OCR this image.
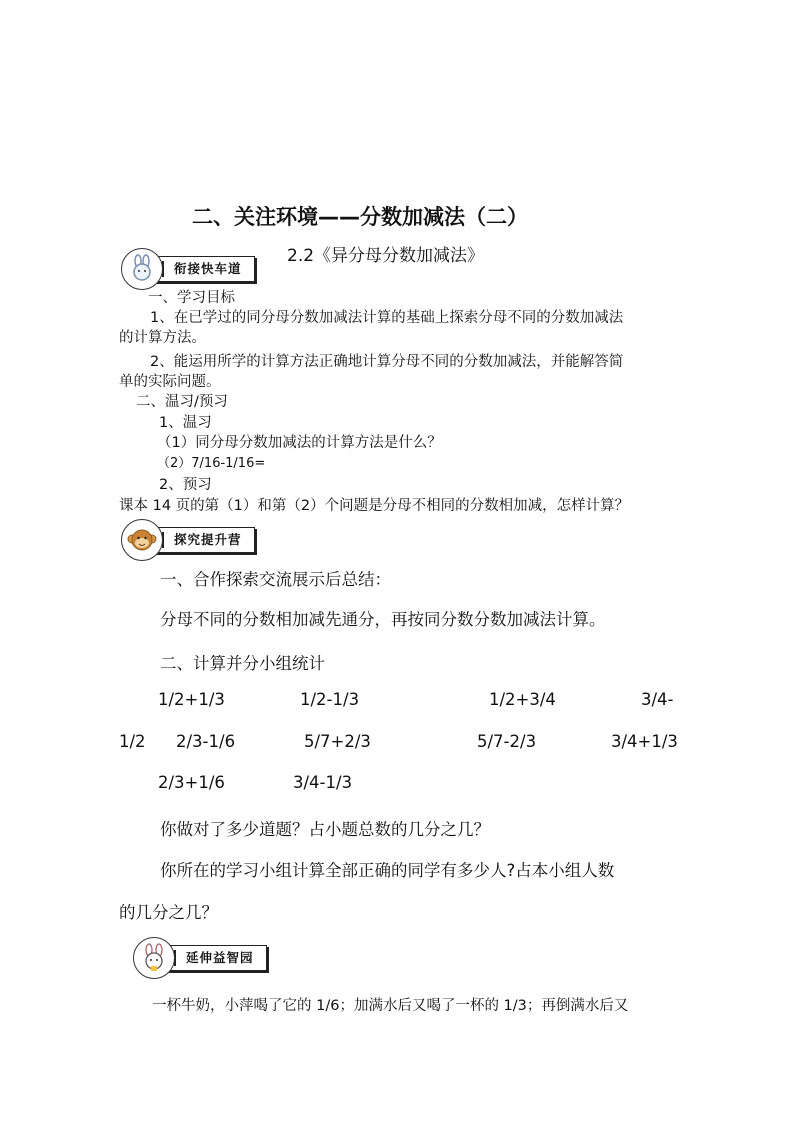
二、关注环境——分数加减法（二）
衔接快车道
2.2《异分母分数加减法》
一、学习目标
1、在已学过的同分母分数加减法计算的基础上探索分母不同的分数加减法
的计算方法。
2、能运用所学的计算方法正确地计算分母不同的分数加减法，并能解答简
单的实际问题。
二、温习/预习
1、温习
（1）同分母分数加减法的计算方法是什么？
（2）7/16-1/16=
2、预习
课本 14 页的第（1）和第（2）个问题是分母不相同的分数相加减，怎样计算？
探究提升营
一、合作探索交流展示后总结：
分母不同的分数相加减先通分，再按同分数分数加减法计算。
二、计算并分小组统计
1/2+1/3	1/2-1/3	1/2+3/4	3/4-
1/2 2/3-1/6	5/7+2/3	5/7-2/3	3/4+1/3
2/3+1/6	3/4-1/3
你做对了多少道题？占小题总数的几分之几？
你所在的学习小组计算全部正确的同学有多少人?占本小组人数
的几分之几？
延伸益智园
一杯牛奶，小萍喝了它的 1/6；加满水后又喝了一杯的 1/3；再倒满水后又
